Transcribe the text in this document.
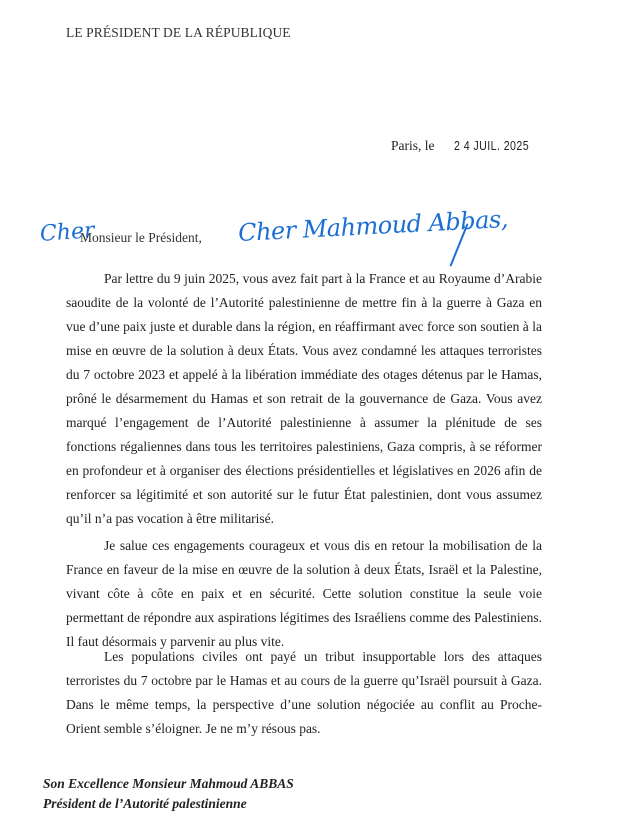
LE PRÉSIDENT DE LA RÉPUBLIQUE
Paris, le 2 4 JUIL. 2025
Cher
Monsieur le Président, Cher Mahmoud Abbas,

Par lettre du 9 juin 2025, vous avez fait part à la France et au Royaume d’Arabie saoudite de la volonté de l’Autorité palestinienne de mettre fin à la guerre à Gaza en vue d’une paix juste et durable dans la région, en réaffirmant avec force son soutien à la mise en œuvre de la solution à deux États. Vous avez condamné les attaques terroristes du 7 octobre 2023 et appelé à la libération immédiate des otages détenus par le Hamas, prôné le désarmement du Hamas et son retrait de la gouvernance de Gaza. Vous avez marqué l’engagement de l’Autorité palestinienne à assumer la plénitude de ses fonctions régaliennes dans tous les territoires palestiniens, Gaza compris, à se réformer en profondeur et à organiser des élections présidentielles et législatives en 2026 afin de renforcer sa légitimité et son autorité sur le futur État palestinien, dont vous assumez qu’il n’a pas vocation à être militarisé.

Je salue ces engagements courageux et vous dis en retour la mobilisation de la France en faveur de la mise en œuvre de la solution à deux États, Israël et la Palestine, vivant côte à côte en paix et en sécurité. Cette solution constitue la seule voie permettant de répondre aux aspirations légitimes des Israéliens comme des Palestiniens. Il faut désormais y parvenir au plus vite.

Les populations civiles ont payé un tribut insupportable lors des attaques terroristes du 7 octobre par le Hamas et au cours de la guerre qu’Israël poursuit à Gaza. Dans le même temps, la perspective d’une solution négociée au conflit au Proche-Orient semble s’éloigner. Je ne m’y résous pas.

Son Excellence Monsieur Mahmoud ABBAS
Président de l’Autorité palestinienne
